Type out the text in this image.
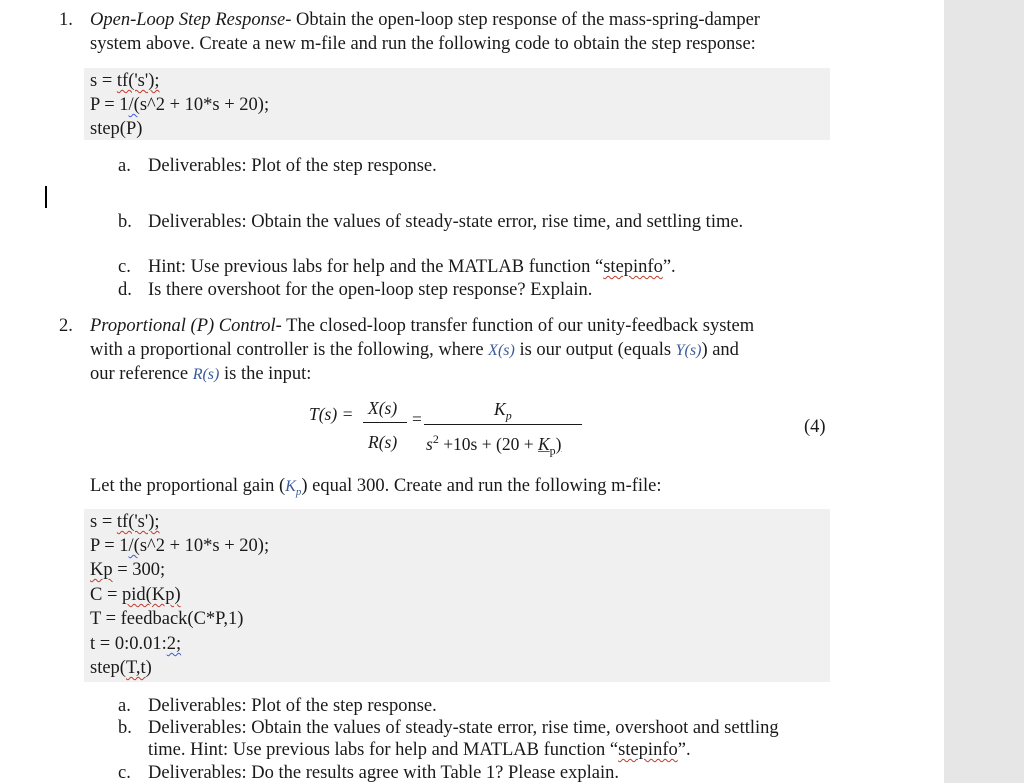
1. Open-Loop Step Response- Obtain the open-loop step response of the mass-spring-damper
system above. Create a new m-file and run the following code to obtain the step response:
s = tf('s');
P = 1/(s^2 + 10*s + 20);
step(P)
a. Deliverables: Plot of the step response.
b. Deliverables: Obtain the values of steady-state error, rise time, and settling time.
c. Hint: Use previous labs for help and the MATLAB function “stepinfo”.
d. Is there overshoot for the open-loop step response? Explain.
2. Proportional (P) Control- The closed-loop transfer function of our unity-feedback system
with a proportional controller is the following, where X(s) is our output (equals Y(s)) and
our reference R(s) is the input:
T(s) = X(s)
R(s)
=	$K_p$
$s^2 +10s + (20 + K_p)$
(4)
Let the proportional gain $(K_p)$ equal 300. Create and run the following m-file:
s = tf('s');
P = 1/(s^2 + 10*s + 20);
Kp = 300;
C = pid(Kp)
T = feedback(C*P,1)
t = 0:0.01:2;
step(T,t)
a. Deliverables: Plot of the step response.
b. Deliverables: Obtain the values of steady-state error, rise time, overshoot and settling
time. Hint: Use previous labs for help and MATLAB function “stepinfo”.
c. Deliverables: Do the results agree with Table 1? Please explain.
